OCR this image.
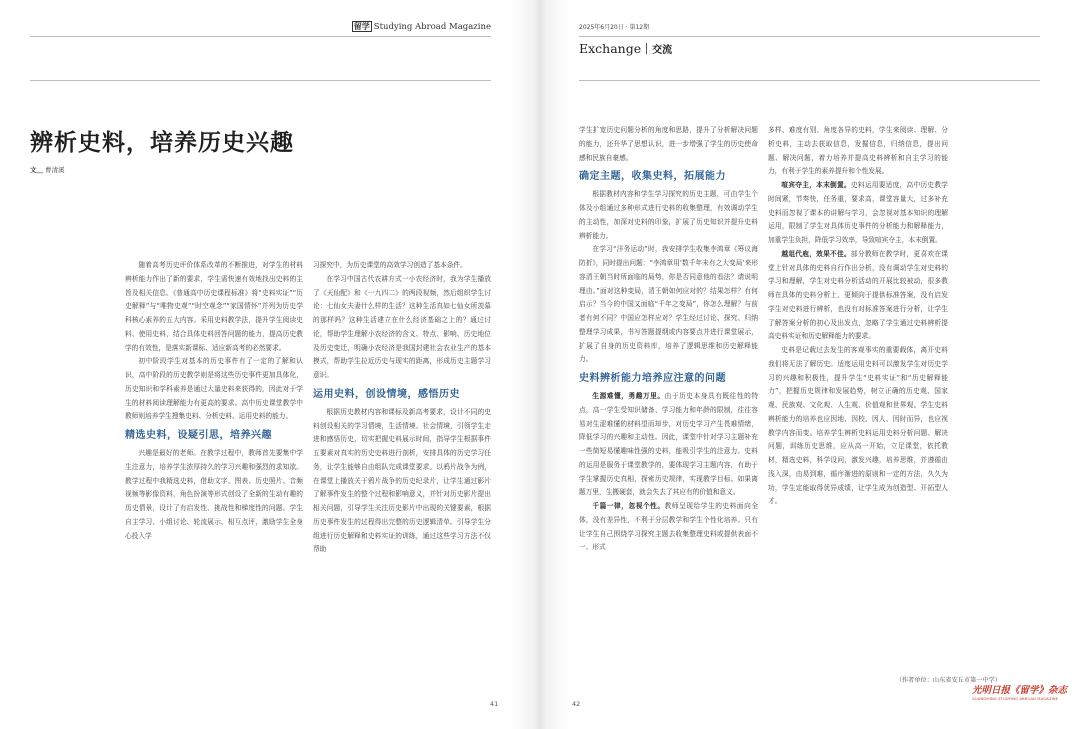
留学 Studying Abroad Magazine
辨析史料，培养历史兴趣
文＿ 曹清溪

随着高考历史评价体系改革的不断推进，对学生的材料辨析能力作出了新的要求，学生需快速有效地找出史料的主旨及相关信息。《普通高中历史课程标准》将“史料实证”“历史解释”与“唯物史观”“时空观念”“家国情怀”并列为历史学科核心素养的五大内容。采用史料教学法，提升学生阅读史料、使用史料，结合具体史料回答问题的能力，提高历史教学的有效性，是落实新课标、适应新高考的必然要求。

初中阶段学生对基本的历史事件有了一定的了解和认识，高中阶段的历史教学则是将这些历史事件更加具体化，历史知识和学科素养是通过大量史料来获得的，因此对于学生的材料阅读理解能力有更高的要求。高中历史课堂教学中教师则培养学生搜集史料、分析史料、运用史料的能力。

精选史料，设疑引思，培养兴趣

兴趣是最好的老师。在教学过程中，教师首先要集中学生注意力，培养学生浓厚持久的学习兴趣和强烈的求知欲。教学过程中我精选史料，借助文字、图表、历史照片、音频视频等影像资料，角色扮演等形式创设了全新的生动有趣的历史情景，设计了有启发性、挑战性和梯度性的问题。学生自主学习、小组讨论、轮流展示、相互点评，激励学生全身心投入学

习探究中，为历史课堂的高效学习创造了基本条件。

在学习中国古代农耕方式一小农经济时，我为学生播放了《天仙配》和《一九四二》的两段视频，然后组织学生讨论：七仙女夫妻什么样的生活？这种生活真如七仙女所羡慕的那样吗？这种生活建立在什么经济基础之上的？通过讨论，帮助学生理解小农经济的含义、特点、影响、历史地位及历史变迁，明确小农经济是我国封建社会农业生产的基本模式，帮助学生拉近历史与现实的距离，形成历史主题学习意识。

运用史料，创设情境，感悟历史

根据历史教材内容和课标及新高考要求，设计不同的史料创设相关的学习情境，生活情境、社会情境，引领学生走进和感悟历史，切实把握史料展示时间，指导学生根据事件五要素对真实的历史史料进行剖析，安排具体的历史学习任务，让学生能够自由组队完成课堂要求。以鸦片战争为例，在课堂上播放关于鸦片战争的历史纪录片，让学生通过影片了解事件发生的整个过程和影响意义，并针对历史影片提出相关问题，引导学生关注历史影片中出现的关键要素，根据历史事件发生的过程得出完整的历史逻辑清单。引导学生分组进行历史解释和史料实证的训练，通过这些学习方法不仅帮助

41
2025年6月20日 · 第12期
Exchange 交流

学生扩宽历史问题分析的角度和思路，提升了分析解决问题的能力，还升华了思想认识，进一步增强了学生的历史使命感和民族自豪感。

确定主题，收集史料，拓展能力

根据教材内容和学生学习探究的历史主题，可由学生个体及小组通过多种形式进行史料的收集整理，有效调动学生的主动性，加深对史料的印象，扩展了历史知识并提升史料辨析能力。

在学习“洋务运动”时，我安排学生收集李鸿章《筹议海防折》，同时提出问题：“李鸿章用‘数千年未有之大变局’来形容清王朝当时所面临的局势，你是否同意他的看法？请说明理由。”面对这种变局，清王朝如何应对的？结果怎样？有何启示？当今的中国又面临“千年之变局”，你怎么理解？与前者有何不同？中国应怎样应对？学生经过讨论、探究、归纳整理学习成果，书写答题提纲或内容要点并进行课堂展示，扩展了自身的历史资料库，培养了逻辑思维和历史解释能力。

史料辨析能力培养应注意的问题

生源难懂，勇趣万里。由于历史本身具有既往性的特点，高一学生受知识储备、学习能力和年龄的限制，往往容易对生涩难懂的材料望而却步，对历史学习产生畏难情绪，降低学习的兴趣和主动性。因此，课堂中针对学习主题补充一些简短易懂趣味性强的史料，能吸引学生的注意力。史料的运用是服务于课堂教学的，要体现学习主题内容，有助于学生掌握历史真相，探索历史规律，实现教学目标。如果离题万里，生搬硬套，就会失去了其应有的价值和意义。

千篇一律，忽视个性。教师呈现给学生的史料面向全体，没有差异性，不利于分层教学和学生个性化培养。只有让学生自己围绕学习探究主题去收集整理史料或提供表面不一、形式

多样、难度有别、角度各异的史料，学生来阅读、理解、分析史料，主动去获取信息，发掘信息，归纳信息，提出问题、解决问题，着力培养并提高史料辨析和自主学习的能力，有利于学生的素养提升和个性发展。

喧宾夺主，本末倒置。史料运用要适度，高中历史教学时间紧，节奏快，任务重，要求高，课堂容量大，过多补充史料而忽视了课本的讲解与学习，会忽视对基本知识的理解运用，限制了学生对具体历史事件的分析能力和解释能力，加重学生负担，降低学习效率，导致喧宾夺主，本末倒置。

越俎代庖，效果不佳。部分教师在教学时，更喜欢在课堂上针对具体的史料自行作出分析，没有调动学生对史料的学习和理解，学生对史料分析活动的开展比较被动，很多教师在具体的史料分析上，更倾向于提供标准答案，没有启发学生对史料进行辨析，也没有对标准答案进行分析，让学生了解答案分析的初心及出发点，忽略了学生通过史料辨析提高史料实证和历史解释能力的要求。

史料是记载过去发生的客观事实的重要载体，离开史料我们将无法了解历史。适度运用史料可以激发学生对历史学习的兴趣和积极性，提升学生“史料实证”和“历史解释能力”，把握历史规律和发展趋势，树立正确的历史观、国家观、民族观、文化观、人生观、价值观和世界观。学生史料辨析能力的培养也应因地、因校、因人、因时而异，也应视教学内容而变。培养学生辨析史料运用史料分析问题、解决问题，训练历史思维，应从高一开始，立足课堂，依托教材，精选史料，科学设问，激发兴趣，培养思维，并遵循由浅入深，由易到难，循序渐进的原则和一定的方法，久久为功，学生定能取得优异成绩，让学生成为创造型、开拓型人才。

（作者单位：山东省安丘市第一中学）
光明日报《留学》杂志
GUANGMING STUDYING ABROAD MAGAZINE
42
